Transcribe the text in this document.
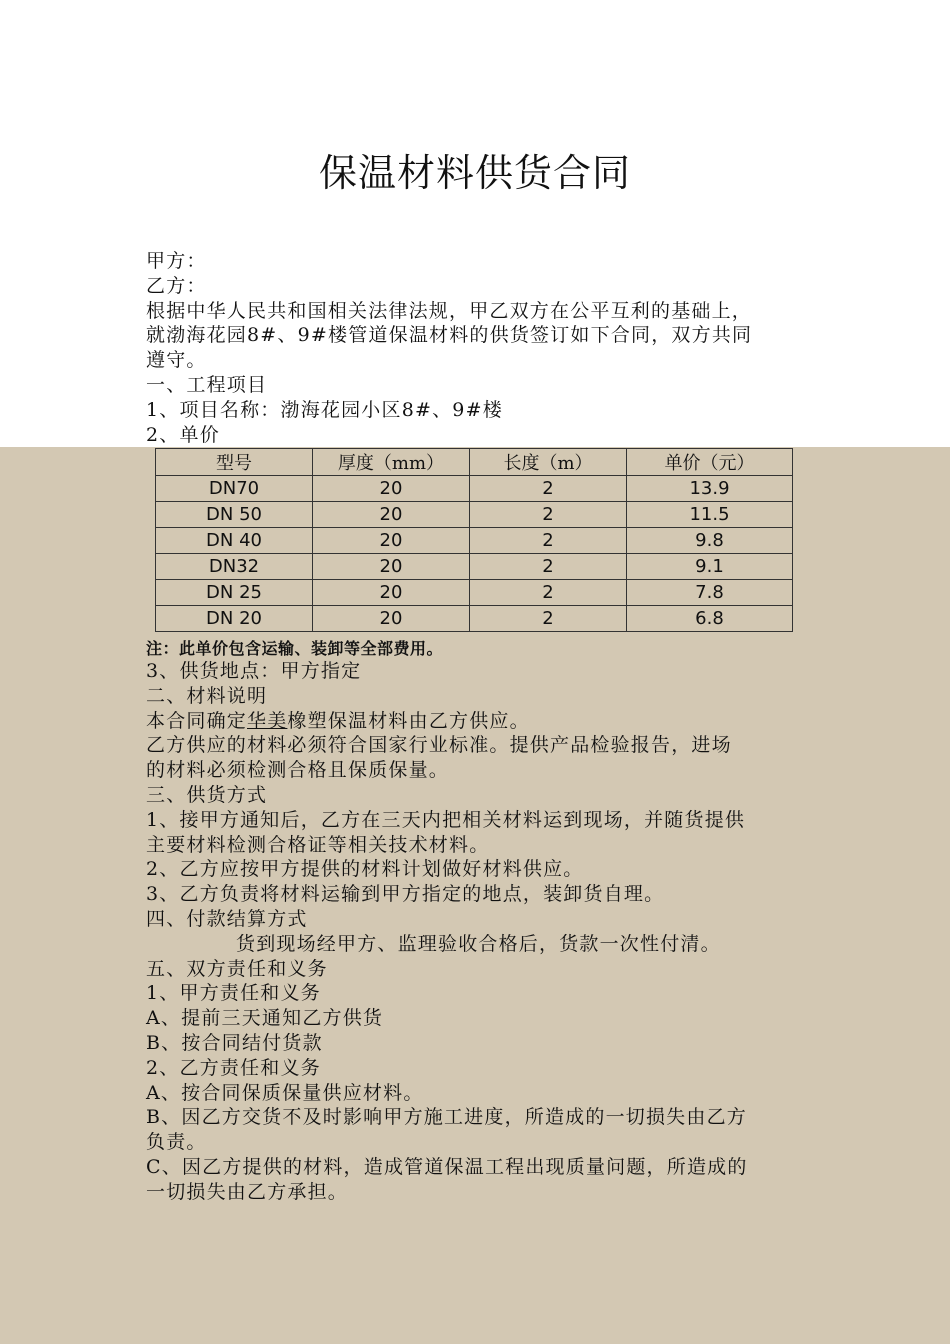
保温材料供货合同

甲方：

乙方：

根据中华人民共和国相关法律法规，甲乙双方在公平互利的基础上，

就渤海花园8#、9#楼管道保温材料的供货签订如下合同，双方共同

遵守。

一、工程项目

1、项目名称：渤海花园小区8#、9#楼

2、单价

型号	厚度（mm）	长度（m）	单价（元）
DN70	20	2	13.9
DN 50	20	2	11.5
DN 40	20	2	9.8
DN32	20	2	9.1
DN 25	20	2	7.8
DN 20	20	2	6.8
注：此单价包含运输、装卸等全部费用。

3、供货地点：甲方指定

二、材料说明

本合同确定华美橡塑保温材料由乙方供应。

乙方供应的材料必须符合国家行业标准。提供产品检验报告，进场

的材料必须检测合格且保质保量。

三、供货方式

1、接甲方通知后，乙方在三天内把相关材料运到现场，并随货提供

主要材料检测合格证等相关技术材料。

2、乙方应按甲方提供的材料计划做好材料供应。

3、乙方负责将材料运输到甲方指定的地点，装卸货自理。

四、付款结算方式

货到现场经甲方、监理验收合格后，货款一次性付清。

五、双方责任和义务

1、甲方责任和义务

A、提前三天通知乙方供货

B、按合同结付货款

2、乙方责任和义务

A、按合同保质保量供应材料。

B、因乙方交货不及时影响甲方施工进度，所造成的一切损失由乙方

负责。

C、因乙方提供的材料，造成管道保温工程出现质量问题，所造成的

一切损失由乙方承担。
